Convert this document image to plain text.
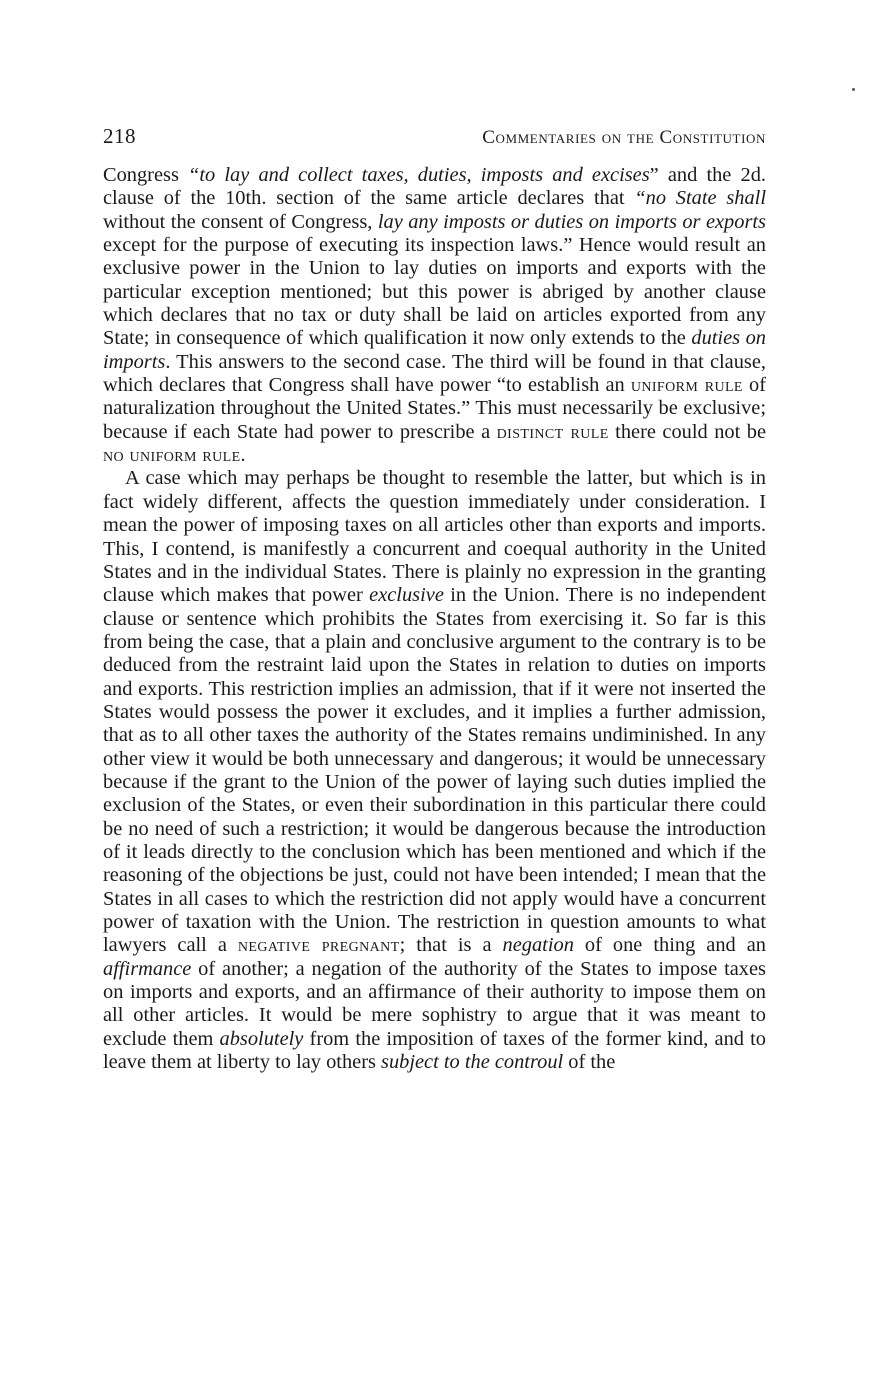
218	Commentaries on the Constitution

Congress “to lay and collect taxes, duties, imposts and excises” and the 2d. clause of the 10th. section of the same article declares that “no State shall without the consent of Congress, lay any imposts or duties on imports or exports except for the purpose of executing its inspection laws.” Hence would result an exclusive power in the Union to lay duties on imports and exports with the particular exception mentioned; but this power is abriged by another clause which declares that no tax or duty shall be laid on articles exported from any State; in consequence of which qualification it now only extends to the duties on imports. This answers to the second case. The third will be found in that clause, which declares that Congress shall have power “to establish an uniform rule of naturalization throughout the United States.” This must necessarily be exclusive; because if each State had power to prescribe a distinct rule there could not be no uniform rule.

A case which may perhaps be thought to resemble the latter, but which is in fact widely different, affects the question immediately under consideration. I mean the power of imposing taxes on all articles other than exports and imports. This, I contend, is manifestly a concurrent and coequal authority in the United States and in the individual States. There is plainly no expression in the granting clause which makes that power exclusive in the Union. There is no independent clause or sentence which prohibits the States from exercising it. So far is this from being the case, that a plain and conclusive argument to the contrary is to be deduced from the restraint laid upon the States in relation to duties on imports and exports. This restriction implies an admission, that if it were not inserted the States would possess the power it excludes, and it implies a further admission, that as to all other taxes the authority of the States remains undiminished. In any other view it would be both unnecessary and dangerous; it would be unnecessary because if the grant to the Union of the power of laying such duties implied the exclusion of the States, or even their subordination in this particular there could be no need of such a restriction; it would be dangerous because the introduction of it leads directly to the conclusion which has been mentioned and which if the reasoning of the objections be just, could not have been intended; I mean that the States in all cases to which the restriction did not apply would have a concurrent power of taxation with the Union. The restriction in question amounts to what lawyers call a negative pregnant; that is a negation of one thing and an affirmance of another; a negation of the authority of the States to impose taxes on imports and exports, and an affirmance of their authority to impose them on all other articles. It would be mere sophistry to argue that it was meant to exclude them absolutely from the imposition of taxes of the former kind, and to leave them at liberty to lay others subject to the controul of the
